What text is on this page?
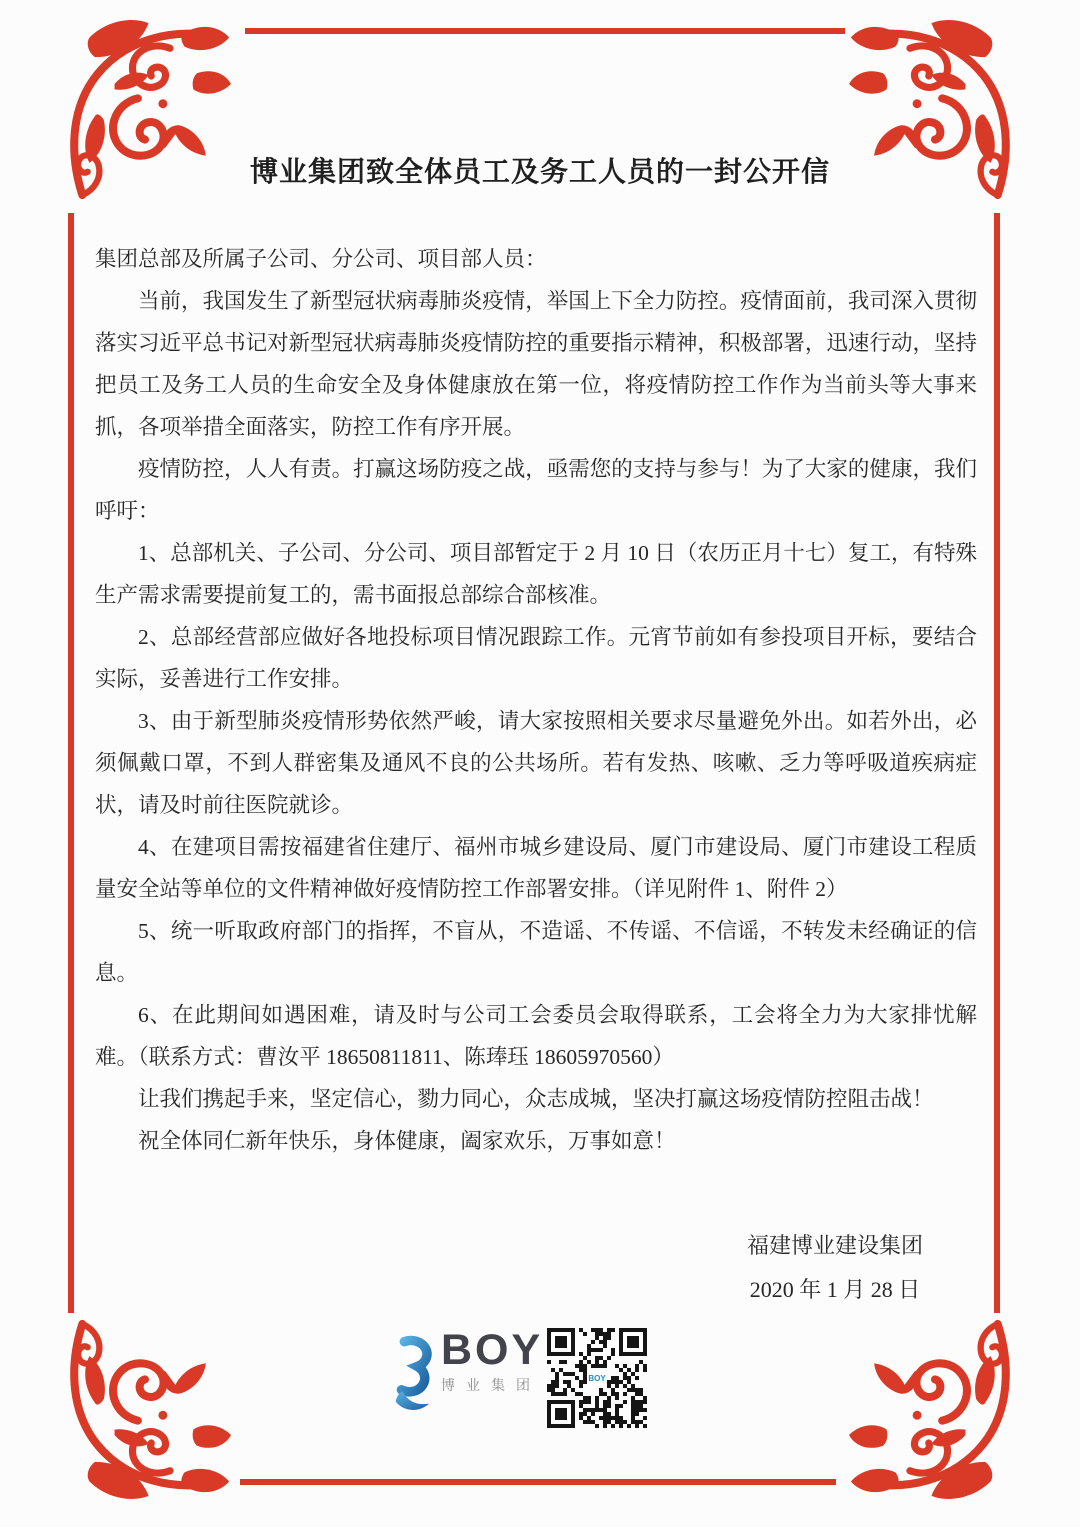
博业集团致全体员工及务工人员的一封公开信

集团总部及所属子公司、分公司、项目部人员：

当前，我国发生了新型冠状病毒肺炎疫情，举国上下全力防控。疫情面前，我司深入贯彻落实习近平总书记对新型冠状病毒肺炎疫情防控的重要指示精神，积极部署，迅速行动，坚持把员工及务工人员的生命安全及身体健康放在第一位，将疫情防控工作作为当前头等大事来抓，各项举措全面落实，防控工作有序开展。

疫情防控，人人有责。打赢这场防疫之战，亟需您的支持与参与！为了大家的健康，我们呼吁：

1、总部机关、子公司、分公司、项目部暂定于 2 月 10 日（农历正月十七）复工，有特殊生产需求需要提前复工的，需书面报总部综合部核准。

2、总部经营部应做好各地投标项目情况跟踪工作。元宵节前如有参投项目开标，要结合实际，妥善进行工作安排。

3、由于新型肺炎疫情形势依然严峻，请大家按照相关要求尽量避免外出。如若外出，必须佩戴口罩，不到人群密集及通风不良的公共场所。若有发热、咳嗽、乏力等呼吸道疾病症状，请及时前往医院就诊。

4、在建项目需按福建省住建厅、福州市城乡建设局、厦门市建设局、厦门市建设工程质量安全站等单位的文件精神做好疫情防控工作部署安排。（详见附件 1、附件 2）

5、统一听取政府部门的指挥，不盲从，不造谣、不传谣、不信谣，不转发未经确证的信息。

6、在此期间如遇困难，请及时与公司工会委员会取得联系，工会将全力为大家排忧解难。（联系方式：曹汝平 18650811811、陈琫珏 18605970560）

让我们携起手来，坚定信心，勠力同心，众志成城，坚决打赢这场疫情防控阻击战！

祝全体同仁新年快乐，身体健康，阖家欢乐，万事如意！

福建博业建设集团
2020 年 1 月 28 日
BOY
博业集团	BOY
